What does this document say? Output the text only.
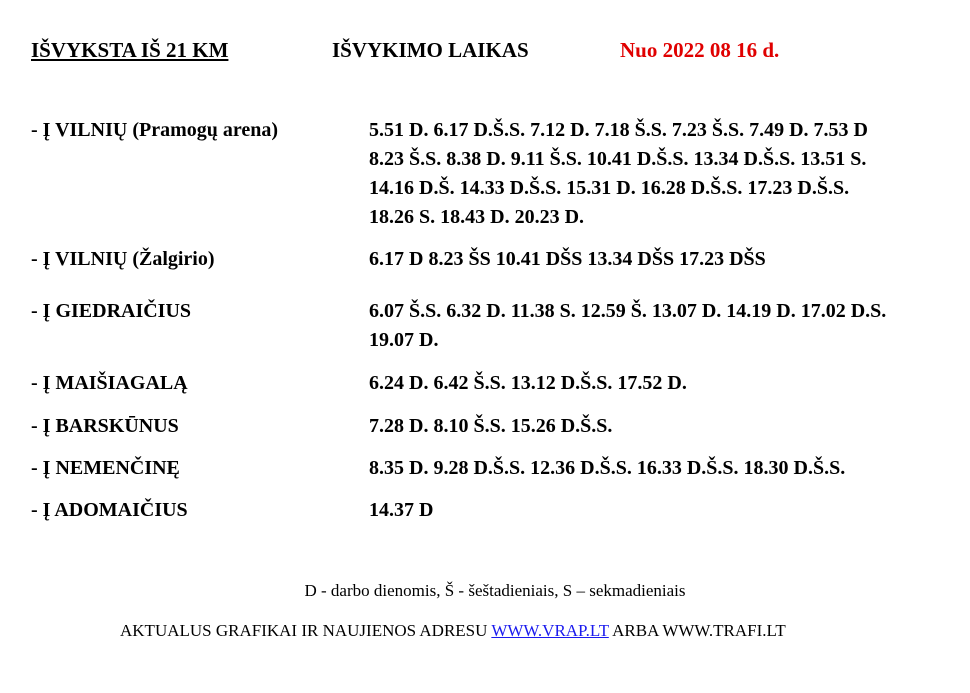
IŠVYKSTA IŠ 21 KM	IŠVYKIMO LAIKAS	Nuo 2022 08 16 d.
- Į VILNIŲ (Pramogų arena)	5.51 D. 6.17 D.Š.S. 7.12 D. 7.18 Š.S. 7.23 Š.S. 7.49 D. 7.53 D
8.23 Š.S. 8.38 D. 9.11 Š.S. 10.41 D.Š.S. 13.34 D.Š.S. 13.51 S.
14.16 D.Š. 14.33 D.Š.S. 15.31 D. 16.28 D.Š.S. 17.23 D.Š.S.
18.26 S. 18.43 D. 20.23 D.
- Į VILNIŲ (Žalgirio)	6.17 D 8.23 ŠS 10.41 DŠS 13.34 DŠS 17.23 DŠS
- Į GIEDRAIČIUS	6.07 Š.S. 6.32 D. 11.38 S. 12.59 Š. 13.07 D. 14.19 D. 17.02 D.S.
19.07 D.
- Į MAIŠIAGALĄ	6.24 D. 6.42 Š.S. 13.12 D.Š.S. 17.52 D.
- Į BARSKŪNUS	7.28 D. 8.10 Š.S. 15.26 D.Š.S.
- Į NEMENČINĘ	8.35 D. 9.28 D.Š.S. 12.36 D.Š.S. 16.33 D.Š.S. 18.30 D.Š.S.
- Į ADOMAIČIUS	14.37 D
D - darbo dienomis, Š - šeštadieniais, S – sekmadieniais
AKTUALUS GRAFIKAI IR NAUJIENOS ADRESU WWW.VRAP.LT ARBA WWW.TRAFI.LT
